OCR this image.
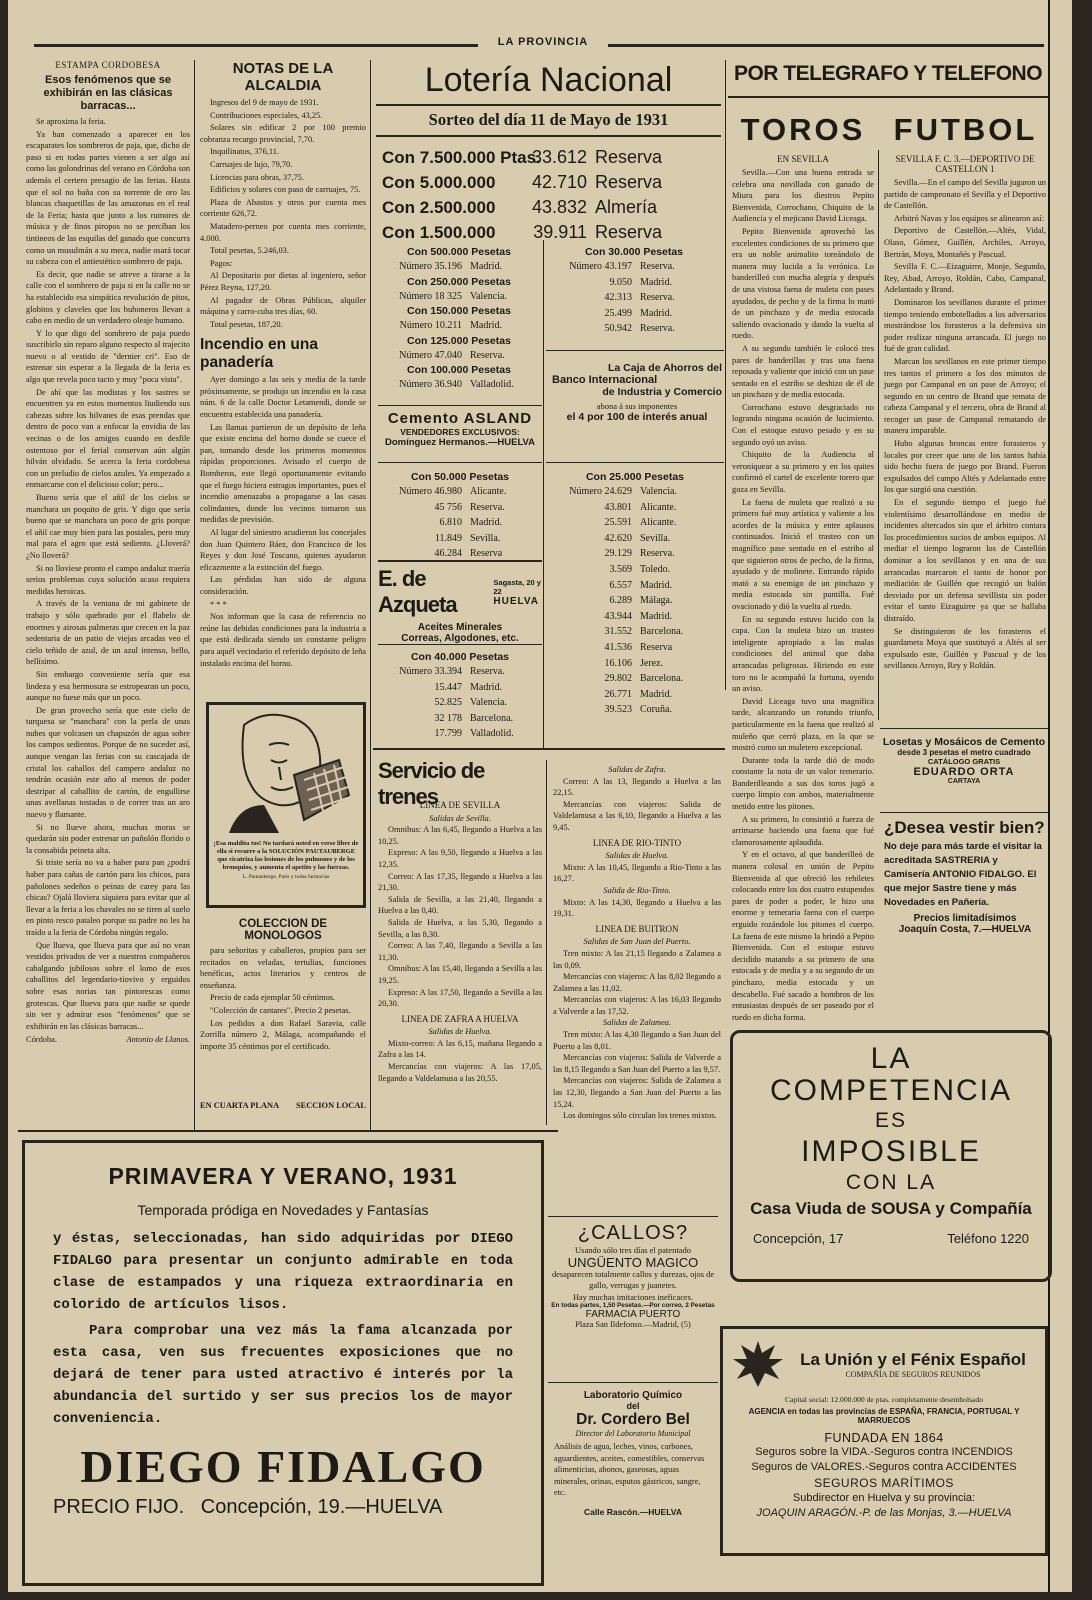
LA PROVINCIA
ESTAMPA CORDOBESA
Esos fenómenos que se exhibirán en las clásicas barracas...

Se aproxima la feria.

Ya han comenzado a aparecer en los escaparates los sombreros de paja, que, dicho de paso si en todas partes vienen a ser algo así como las golondrinas del verano en Córdoba son además el certero presagio de las ferias. Hasta que el sol no baña con su torrente de oro las blancas chaquetillas de las amazonas en el real de la Feria; hasta que junto a los rumores de música y de finos piropos no se percíban los tintineos de las esquilas del ganado que concurra como un musulmán a su meca, nadie osará tocar su cabeza con el antiestético sombrero de paja.

Es decir, que nadie se atreve a tirarse a la calle con el sombrero de paja si en la calle no se ha establecido esa simpática revolución de pitos, globitos y claveles que los buhoneros llevan a cabo en medio de un verdadero oleaje humano.

Y lo que digo del sombrero de paja puedo suscribirlo sin reparo alguno respecto al trajecito nuevo o al vestido de "dernier cri". Eso de estrenar sin esperar a la llegada de la feria es algo que revela poco tacto y muy "poca vista".

De ahí que las modistas y los sastres se encuentren ya en estos momentos liudiendo sus cabezas sobre los hilvanes de esas prendas que dentro de poco van a enfocar la envidia de las vecinas o de los amigos cuando en desfile ostentoso por el ferial conservan aún algún hilván olvidado. Se acerca la feria cordobesa con un preludio de cielos azules. Ya empezado a enmarcarse con el delicioso color; pero...

Bueno sería que el añil de los cielos se manchara un poquito de gris. Y digo que sería bueno que se manchara un poco de gris porque el añil cae muy bien para las postales, pero muy mal para el agro que está sediento. ¿Lloverá? ¿No lloverá?

Si no lloviese pronto el campo andaluz traería serios problemas cuya solución acaso requiera medidas heroicas.

A través de la ventana de mi gabinete de trabajo y sólo quebrado por el flabelo de enormes y airosas palmeras que crecen en la paz sedentaria de un patio de viejas arcadas veo el cielo teñido de azul, de un azul intenso, bello, bellísimo.

Sin embargo conveniente sería que esa lindeza y esa hermosura se estropearan un poco, aunque no fuese más que un poco.

De gran provecho sería que este cielo de turquesa se "manchara" con la perla de unas nubes que volcasen un chapuzón de agua sobre los campos sedientos. Porque de no suceder así, aunque vengan las ferias con su cascajada de cristal los caballos del campero andaluz no tendrán ocasión este año al menos de poder destripar al caballito de cartón, de engullirse unas avellanas tostadas o de correr tras un aro nuevo y flamante.

Si no llueve ahora, muchas moras se quedarán sin poder estrenar un pañolón florido o la consabida peineta alta.

Si triste sería no va a haber para pan ¿podrá haber para cañas de cartón para los chicos, para pañolones sedeños o peinas de carey para las chicas? Ojalá lloviera siquiera para evitar que al llevar a la feria a los chavales no se tiren al suelo en pinto resco pataleo porque su padre no les ha traído a la feria de Córdoba ningún regalo.

Que llueva, que llueva para que así no vean vestidos privados de ver a nuestros compañeros cabalgando jubilosos sobre el lomo de esos caballitos del legendario-tiovivo y erguidos sobre esas norias tan pintorescas como grotescas. Que llueva para que nadie se quede sin ver y admirar esos "fenómenos" que se exhibirán en las clásicas barracas...

Córdoba.	Antonio de Llanos.
NOTAS DE LA ALCALDIA

Ingresos del 9 de mayo de 1931.

Contribuciones especiales, 43,25.

Solares sin edificar 2 por 100 premio cobranza recargo provincial, 7,70.

Inquilinatos, 376,11.

Carruajes de lujo, 79,70.

Licencias para obras, 37,75.

Edificios y solares con paso de carruajes, 75.

Plaza de Abastos y otros por cuenta mes corriente 626,72.

Matadero-perneo por cuenta mes corriente, 4.000.

Total pesetas, 5.246,03.

Pagos:

Al Depositario por dietas al ingeniero, señor Pérez Reyna, 127,20.

Al pagador de Obras Públicas, alquiler máquina y carro-cuba tres días, 60.

Total pesetas, 187,20.

Incendio en una panadería

Ayer domingo a las seis y media de la tarde próximamente, se produjo un incendio en la casa núm. 6 de la calle Doctor Letamendi, donde se encuentra establecida una panadería.

Las llamas partieron de un depósito de leña que existe encima del horno donde se cuece el pan, tomando desde los primeros momentos rápidas proporciones. Avisado el cuerpo de Bomberos, este llegó oportunamente evitando que el fuego hiciera estragos importantes, pues el incendio amenazaba a propagarse a las casas colindantes, donde los vecinos tomaron sus medidas de previsión.

Al lugar del siniestro acudieron los concejales don Juan Quintero Báez, don Francisco de los Reyes y don José Toscano, quienes ayudaron eficazmente a la extinción del fuego.

Las pérdidas han sido de alguna consideración.

* * *

Nos informan que la casa de referencia no reúne las debidas condiciones para la industria a que está dedicada siendo un constante peligro para aquél vecindario el referido depósito de leña instalado encima del horno.

¡Esa maldita tos! No tardará usted en verse libre de ella si recurre a la SOLUCIÓN PAUTAUBERGE que cicatriza las lesiones de los pulmones y de los bronquios, y aumenta el apetito y las fuerzas.
L. Pautauberge, París y todas farmacias
COLECCION DE MONOLOGOS

para señoritas y caballeros, propios para ser recitados en veladas, tertulias, funciones benéficas, actos literarios y centros de enseñanza.

Precio de cada ejemplar 50 céntimos.

"Colección de cantares". Precio 2 pesetas.

Los pedidos a don Rafael Saravia, calle Zorrilla número 2, Málaga, acompañando el importe 35 céntimos por el certificado.

EN CUARTA PLANA SECCION LOCAL
Lotería Nacional
Sorteo del día 11 de Mayo de 1931
Con 7.500.000 Ptas.33.612 Reserva
Con 5.000.000 42.710 Reserva
Con 2.500.000 43.832 Almería
Con 1.500.000 39.911 Reserva
Con 500.000 Pesetas
Número 35.196 Madrid.
Con 250.000 Pesetas
Número 18 325 Valencia.
Con 150.000 Pesetas
Número 10.211 Madrid.
Con 125.000 Pesetas
Número 47.040 Reserva.
Con 100.000 Pesetas
Número 36.940 Valladolid.
Con 30.000 Pesetas
Número 43.197 Reserva.
9.050 Madrid.
42.313 Reserva.
25.499 Madrid.
50.942 Reserva.
La Caja de Ahorros del
Banco Internacional
de Industria y Comercio
abona á sus imponentes
el 4 por 100 de interés anual
Cemento ASLAND
VENDEDORES EXCLUSIVOS:
Domínguez Hermanos.—HUELVA
Con 50.000 Pesetas
Número 46.980 Alicante.
45 756 Reserva.
6.810 Madrid.
11.849 Sevilla.
46.284 Reserva
Con 25.000 Pesetas
Número 24.629 Valencia.
43.801 Alicante.
25.591 Alicante.
42.620 Sevilla.
29.129 Reserva.
3.569 Toledo.
6.557 Madrid.
6.289 Málaga.
43.944 Madrid.
31.552 Barcelona.
41.536 Reserva
16.106 Jerez.
29.802 Barcelona.
26.771 Madrid.
39.523 Coruña.
E. de Azqueta
Sagasta, 20 y 22
HUELVA
Aceites Minerales
Correas, Algodones, etc.
Con 40.000 Pesetas
Número 33.394 Reserva.
15.447 Madrid.
52.825 Valencia.
32 178 Barcelona.
17.799 Valladolid.
Servicio de trenes
LINEA DE SEVILLA
Salidas de Sevilla.
Omnibus: A las 6,45, llegando a Huelva a las 10,25.
Expreso: A las 9,50, llegando a Huelva a las 12,35.
Correo: A las 17,35, llegando a Huelva a las 21,30.
Salida de Sevilla, a las 21,40, llegando a Huelva a las 0,40.
Salida de Huelva, a las 5,30, llegando a Sevilla, a las 8,30.
Correo: A las 7,40, llegando a Sevilla a las 11,30.
Omnibus: A las 15,40, llegando a Sevilla a las 19,25.
Expreso: A las 17,50, llegando a Sevilla a las 20,30.
LINEA DE ZAFRA A HUELVA
Salidas de Huelva.
Mixto-correo: A las 6,15, mañana llegando a Zafra a las 14.
Mercancías con viajeros: A las 17,05, llegando a Valdelamusa a las 20,55.
Salidas de Zafra.
Correo: A las 13, llegando a Huelva a las 22,15.
Mercancías con viajeros: Salida de Valdelamusa a las 6,10, llegando a Huelva a las 9,45.
LINEA DE RIO-TINTO
Salidas de Huelva.
Mixto: A las 10,45, llegando a Rio-Tinto a las 16,27.
Salida de Rio-Tinto.
Mixto: A las 14,30, llegando a Huelva a las 19,31.
LINEA DE BUITRON
Salidas de San Juan del Puerto.
Tren mixto: A las 21,15 llegando a Zalamea a las 0,09.
Mercancías con viajeros: A las 8,02 llegando a Zalamea a las 11,02.
Mercancías con viajeros: A las 16,03 llegando a Valverde a las 17,52.
Salidas de Zalamea.
Tren mixto: A las 4,30 llegando a San Juan del Puerto a las 8,01.
Mercancías con viajeros: Salida de Valverde a las 8,15 llegando a San Juan del Puerto a las 9,57.
Mercancías con viajeros: Salida de Zalamea a las 12,30, llegando a San Juan del Puerto a las 15,24.
Los domingos sólo circulan los trenes mixtos.
POR TELEGRAFO Y TELEFONO
TOROS FUTBOL
EN SEVILLA

Sevilla.—Con una buena entrada se celebra una novillada con ganado de Miura para los diestros Pepito Bienvenida, Corrochano, Chiquito de la Audiencia y el mejicano David Liceaga.

Pepito Bienvenida aprovechó las excelentes condiciones de su primero que era un noble animalito toreándolo de manera muy lucida a la verónica. Lo banderilleó con mucha alegría y después de una vistosa faena de muleta con pases ayudados, de pecho y de la firma lo mató de un pinchazo y de media estocada saliendo ovacionado y dando la vuelta al ruedo.

A su segundo también le colocó tres pares de banderillas y tras una faena reposada y valiente que inició con un pase sentado en el estribo se deshizo de él de un pinchazo y de media estocada.

Corrochano estuvo desgraciado no logrando ninguna ocasión de lucimiento. Con el estoque estuvo pesado y en su segundo oyó un aviso.

Chiquito de la Audiencia al veroniquear a su primero y en los quites confirmó el cartel de excelente torero que goza en Sevilla.

La faena de muleta que realizó a su primero fué muy artística y valiente a los acordes de la música y entre aplausos continuados. Inició el trasteo con un magnífico pase sentado en el estribo al que siguieron otros de pecho, de la firma, ayudado y de molinete. Entrando rápido mató a su enemigo de un pinchazo y media estocada sin puntilla. Fué ovacionado y dió la vuelta al ruedo.

En su segundo estuvo lucido con la capa. Con la muleta hizo un trasteo inteligente apropiado a las malas condiciones del animal que daba arrancadas peligrosas. Hiriendo en este toro no le acompañó la fortuna, oyendo un aviso.

David Liceaga tuvo una magnífica tarde, alcanzando un rotundo triunfo, particularmente en la faena que realizó al muleño que cerró plaza, en la que se mostró como un muletero excepcional.

Durante toda la tarde dió de modo constante la nota de un valor temerario. Banderilleando a sus dos toros jugó a cuerpo limpio con ambos, materialmente metido entre los pitones.

A su primero, lo consintió a fuerza de arrimarse haciendo una faena que fué clamorosamente aplaudida.

Y en el octavo, al que banderilleó de manera colosal en unión de Pepito Bienvenida al que ofreció los rehiletes colocando entre los dos cuatro estupendos pares de poder a poder, le hizo una enorme y temeraria faena con el cuerpo erguido rozándole los pitones el cuerpo. La faena de este mismo la brindó a Pepito Bienvenida. Con el estoque estuvo decidido matando a su primero de una estocada y de media y a su segundo de un pinchazo, media estocada y un descabello. Fué sacado a hombros de los entusiastas después de ser paseado por el ruedo en dicha forma.

SEVILLA F. C. 3.—DEPORTIVO DE CASTELLON 1

Sevilla.—En el campo del Sevilla jugaron un partido de campeonato el Sevilla y el Deportivo de Castellón.

Arbitró Navas y los equipos se alinearon así:

Deportivo de Castellón.—Altés, Vidal, Olaso, Gómez, Guillén, Archiles, Arroyo, Bertrán, Moya, Montañés y Pascual.

Sevilla F. C.—Eizaguirre, Monje, Segundo, Rey, Abad, Arroyo, Roldán, Cabo, Campanal, Adelantado y Brand.

Dominaron los sevillanos durante el primer tiempo teniendo embotellados a los adversarios mostrándose los forasteros a la defensiva sin poder realizar ninguna arrancada. El juego no fué de gran calidad.

Marcan los sevillanos en este primer tiempo tres tantos el primero a los dos minutos de juego por Campanal en un pase de Arroyo; el segundo en un centro de Brand que remata de cabeza Campanal y el tercero, obra de Brand al recoger un pase de Campanal rematando de manera imparable.

Hubo algunas broncas entre forasteros y locales por creer que uno de los tantos había sido hecho fuera de juego por Brand. Fueron expulsados del campo Altés y Adelantado entre los que surgió una cuestión.

En el segundo tiempo el juego fué violentísimo desarrollándose en medio de incidentes altercados sin que el árbitro contara los procedimientos sucios de ambos equipos. Al mediar el tiempo lograron los de Castellón dominar a los sevillanos y en una de sus arrancadas marcaron el tanto de honor por mediación de Guillén que recogió un balón desviado por un defensa sevillista sin poder evitar el tanto Eizaguirre ya que se hallaba distraído.

Se distinguieron de los forasteros el guardameta Moya que sustituyó a Altés al ser expulsado este, Guillén y Pascual y de los sevillanos Arroyo, Rey y Roldán.

Losetas y Mosáicos de Cemento
desde 3 pesetas el metro cuadrado
CATÁLOGO GRATIS
EDUARDO ORTA
CARTAYA
¿Desea vestir bien?
No deje para más tarde el visitar la acreditada SASTRERIA y Camisería ANTONIO FIDALGO. El que mejor Sastre tiene y más Novedades en Pañería.
Precios limitadísimos
Joaquín Costa, 7.—HUELVA
PRIMAVERA Y VERANO, 1931
Temporada pródiga en Novedades y Fantasías
y éstas, seleccionadas, han sido adquiridas por DIEGO FIDALGO para presentar un conjunto admirable en toda clase de estampados y una riqueza extraordinaria en colorido de artículos lisos.
Para comprobar una vez más la fama alcanzada por esta casa, ven sus frecuentes exposiciones que no dejará de tener para usted atractivo é interés por la abundancia del surtido y ser sus precios los de mayor conveniencia.
DIEGO FIDALGO
PRECIO FIJO.   Concepción, 19.—HUELVA
¿CALLOS?
Usando sólo tres días el patentado
UNGÜENTO MAGICO
desaparecen totalmente callos y durezas, ojos de gallo, verrugas y juanetes.
Hay muchas imitaciones ineficaces.
En todas partes, 1,50 Pesetas.—Por correo, 2 Pesetas
FARMACIA PUERTO
Plaza San Ildefonso.—Madrid, (5)
Laboratorio Químico
del
Dr. Cordero Bel
Director del Laboratorio Municipal
Análisis de agua, leches, vinos, carbones, aguardientes, aceites, comestibles, conservas alimenticias, abonos, gaseosas, aguas minerales, orinas, esputos gástricos, sangre, etc.
Calle Rascón.—HUELVA
LA
COMPETENCIA
ES
IMPOSIBLE
CON LA
Casa Viuda de SOUSA y Compañía
Concepción, 17	Teléfono 1220
La Unión y el Fénix Español
COMPAÑÍA DE SEGUROS REUNIDOS
Capital social: 12.000.000 de ptas. completamente desembolsado
AGENCIA en todas las provincias de ESPAÑA, FRANCIA, PORTUGAL Y MARRUECOS
FUNDADA EN 1864
Seguros sobre la VIDA.-Seguros contra INCENDIOS
Seguros de VALORES.-Seguros contra ACCIDENTES
SEGUROS MARÍTIMOS
Subdirector en Huelva y su provincia:
JOAQUIN ARAGÓN.-P. de las Monjas, 3.—HUELVA
